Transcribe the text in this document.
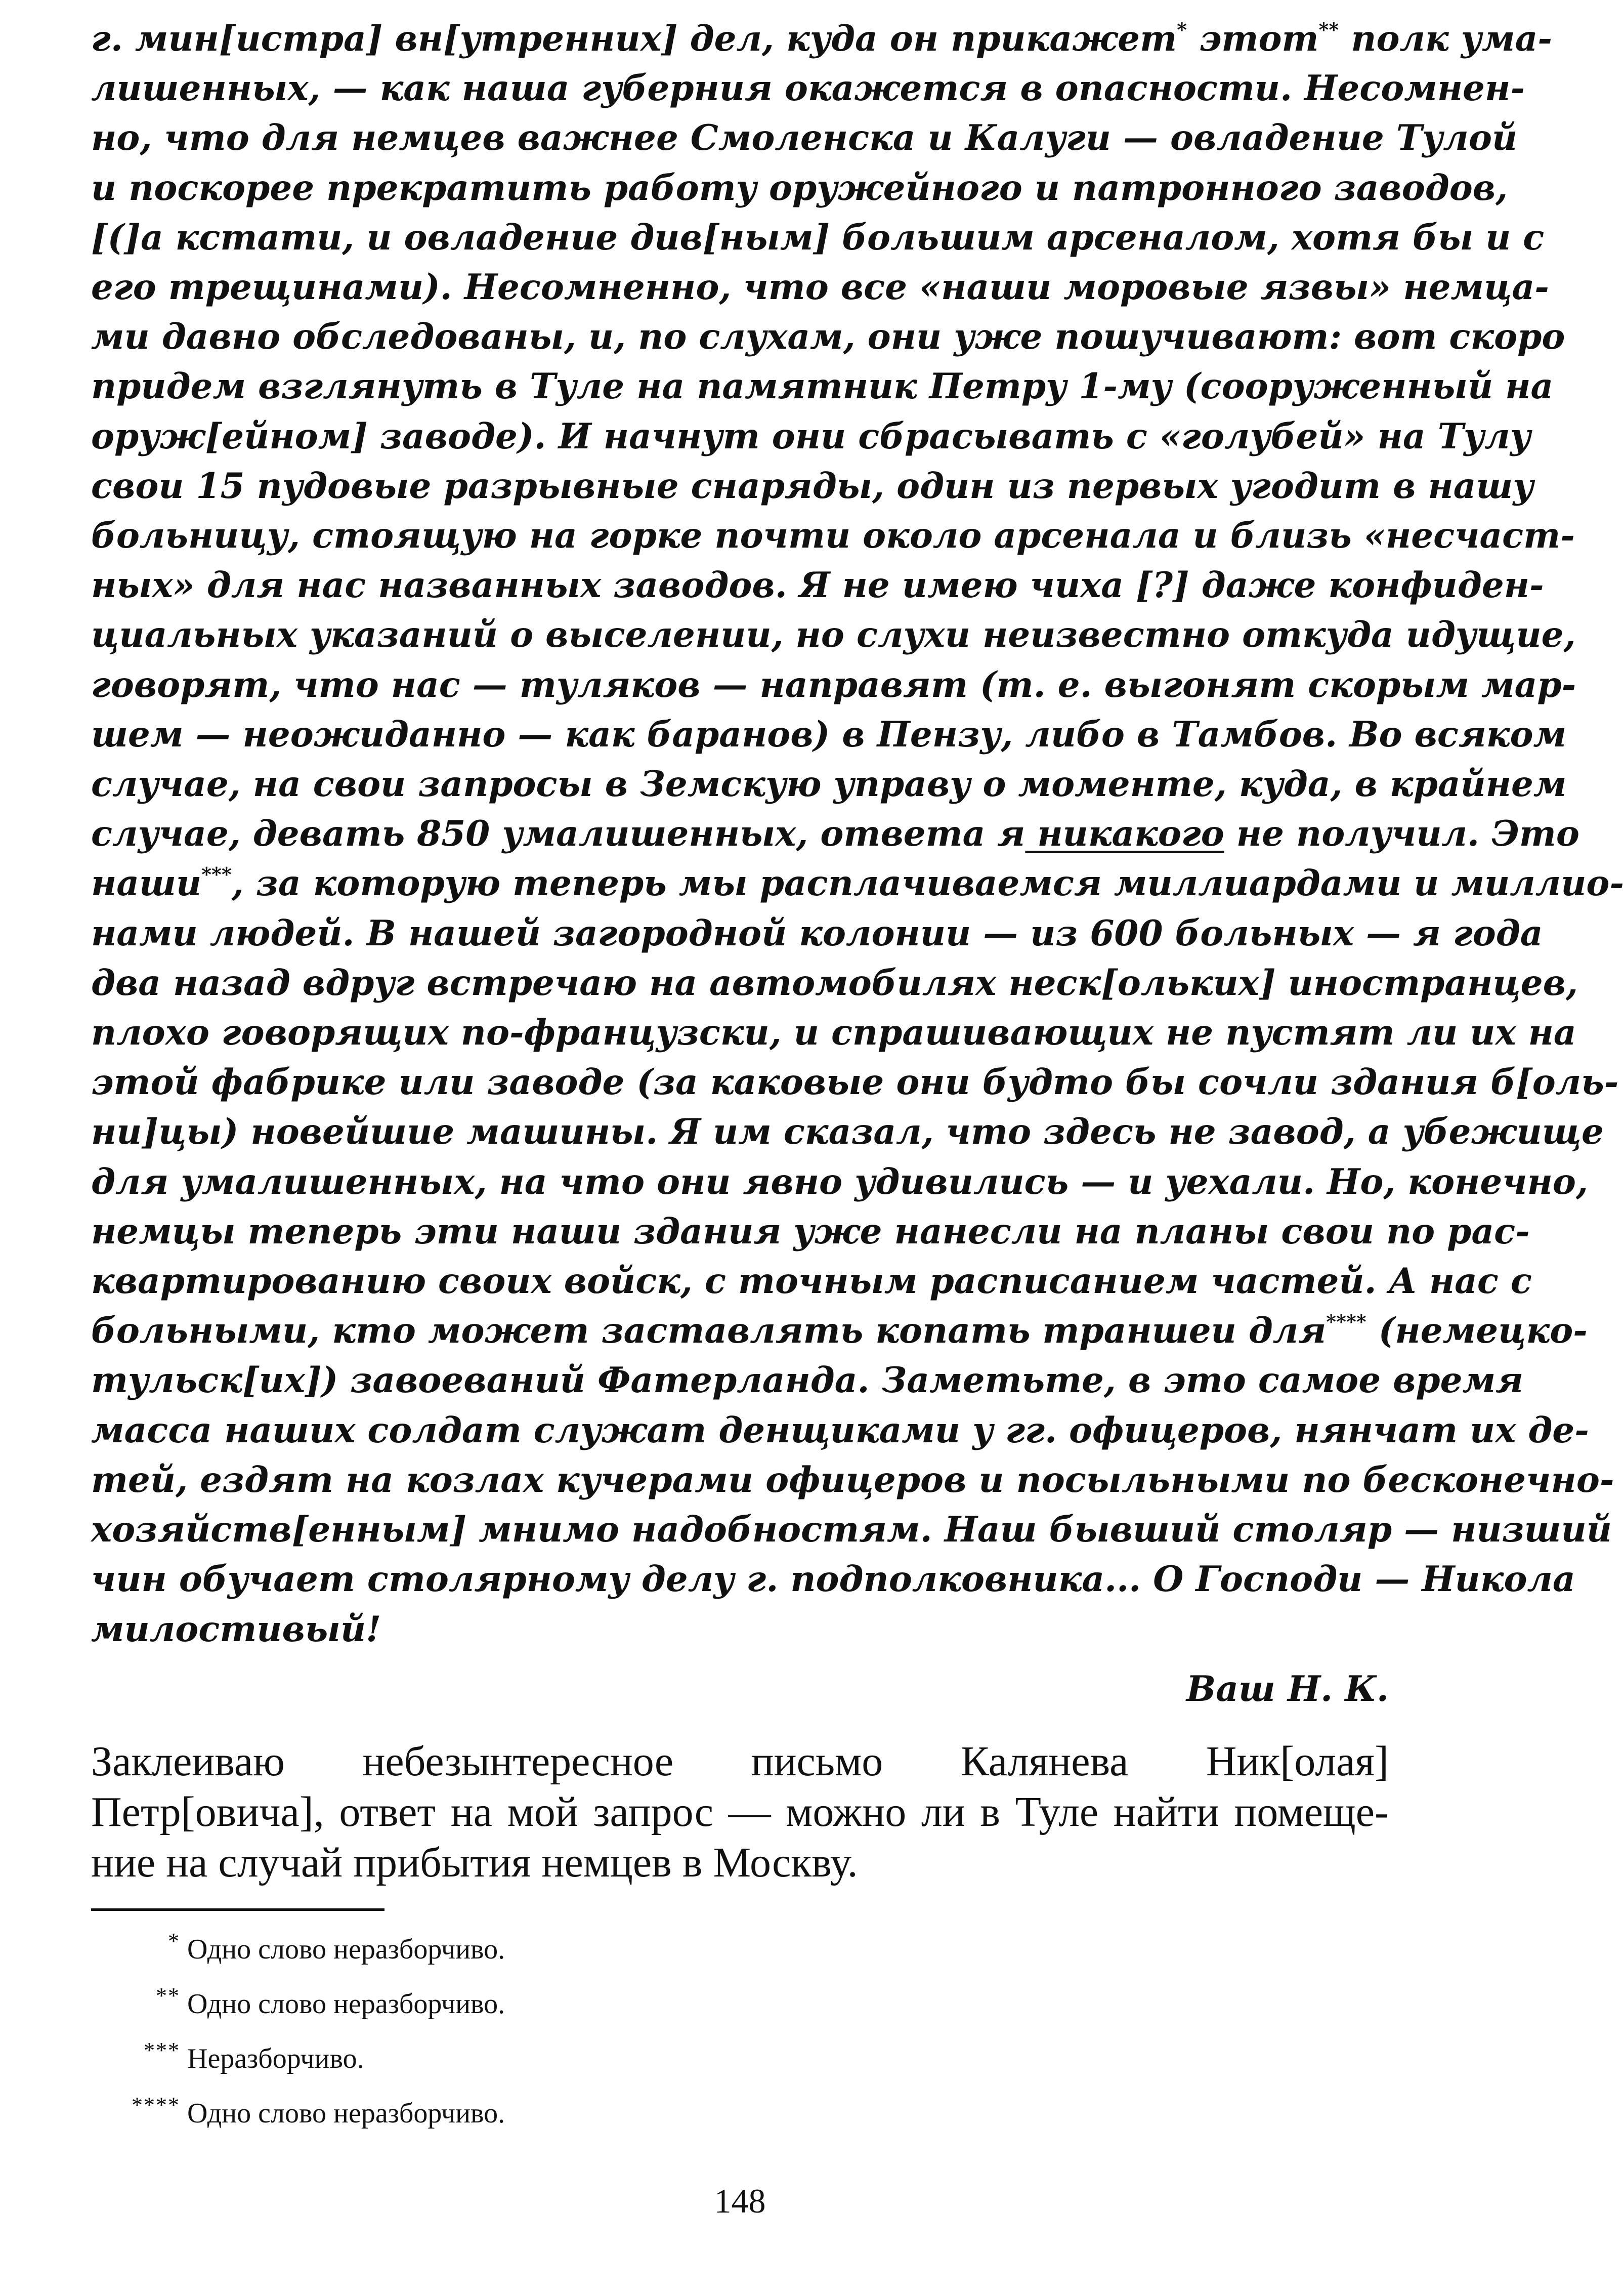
г. мин[истра] вн[утренних] дел, куда он прикажет* этот** полк ума-
лишенных, — как наша губерния окажется в опасности. Несомнен-
но, что для немцев важнее Смоленска и Калуги — овладение Тулой
и поскорее прекратить работу оружейного и патронного заводов,
[(]а кстати, и овладение див[ным] большим арсеналом, хотя бы и с
его трещинами). Несомненно, что все «наши моровые язвы» немца-
ми давно обследованы, и, по слухам, они уже пошучивают: вот скоро
придем взглянуть в Туле на памятник Петру 1-му (сооруженный на
оруж[ейном] заводе). И начнут они сбрасывать с «голубей» на Тулу
свои 15 пудовые разрывные снаряды, один из первых угодит в нашу
больницу, стоящую на горке почти около арсенала и близь «несчаст-
ных» для нас названных заводов. Я не имею чиха [?] даже конфиден-
циальных указаний о выселении, но слухи неизвестно откуда идущие,
говорят, что нас — туляков — направят (т. е. выгонят скорым мар-
шем — неожиданно — как баранов) в Пензу, либо в Тамбов. Во всяком
случае, на свои запросы в Земскую управу о моменте, куда, в крайнем
случае, девать 850 умалишенных, ответа я никакого не получил. Это
наши***, за которую теперь мы расплачиваемся миллиардами и миллио-
нами людей. В нашей загородной колонии — из 600 больных — я года
два назад вдруг встречаю на автомобилях неск[ольких] иностранцев,
плохо говорящих по-французски, и спрашивающих не пустят ли их на
этой фабрике или заводе (за каковые они будто бы сочли здания б[оль-
ни]цы) новейшие машины. Я им сказал, что здесь не завод, а убежище
для умалишенных, на что они явно удивились — и уехали. Но, конечно,
немцы теперь эти наши здания уже нанесли на планы свои по рас-
квартированию своих войск, с точным расписанием частей. А нас с
больными, кто может заставлять копать траншеи для**** (немецко-
тульск[их]) завоеваний Фатерланда. Заметьте, в это самое время
масса наших солдат служат денщиками у гг. офицеров, нянчат их де-
тей, ездят на козлах кучерами офицеров и посыльными по бесконечно-
хозяйств[енным] мнимо надобностям. Наш бывший столяр — низший
чин обучает столярному делу г. подполковника... О Господи — Никола
милостивый!
Ваш Н. К.
Заклеиваю небезынтересное письмо Калянева Ник[олая]
Петр[овича], ответ на мой запрос — можно ли в Туле найти помеще-
ние на случай прибытия немцев в Москву.
* Одно слово неразборчиво.
** Одно слово неразборчиво.
*** Неразборчиво.
**** Одно слово неразборчиво.
148
